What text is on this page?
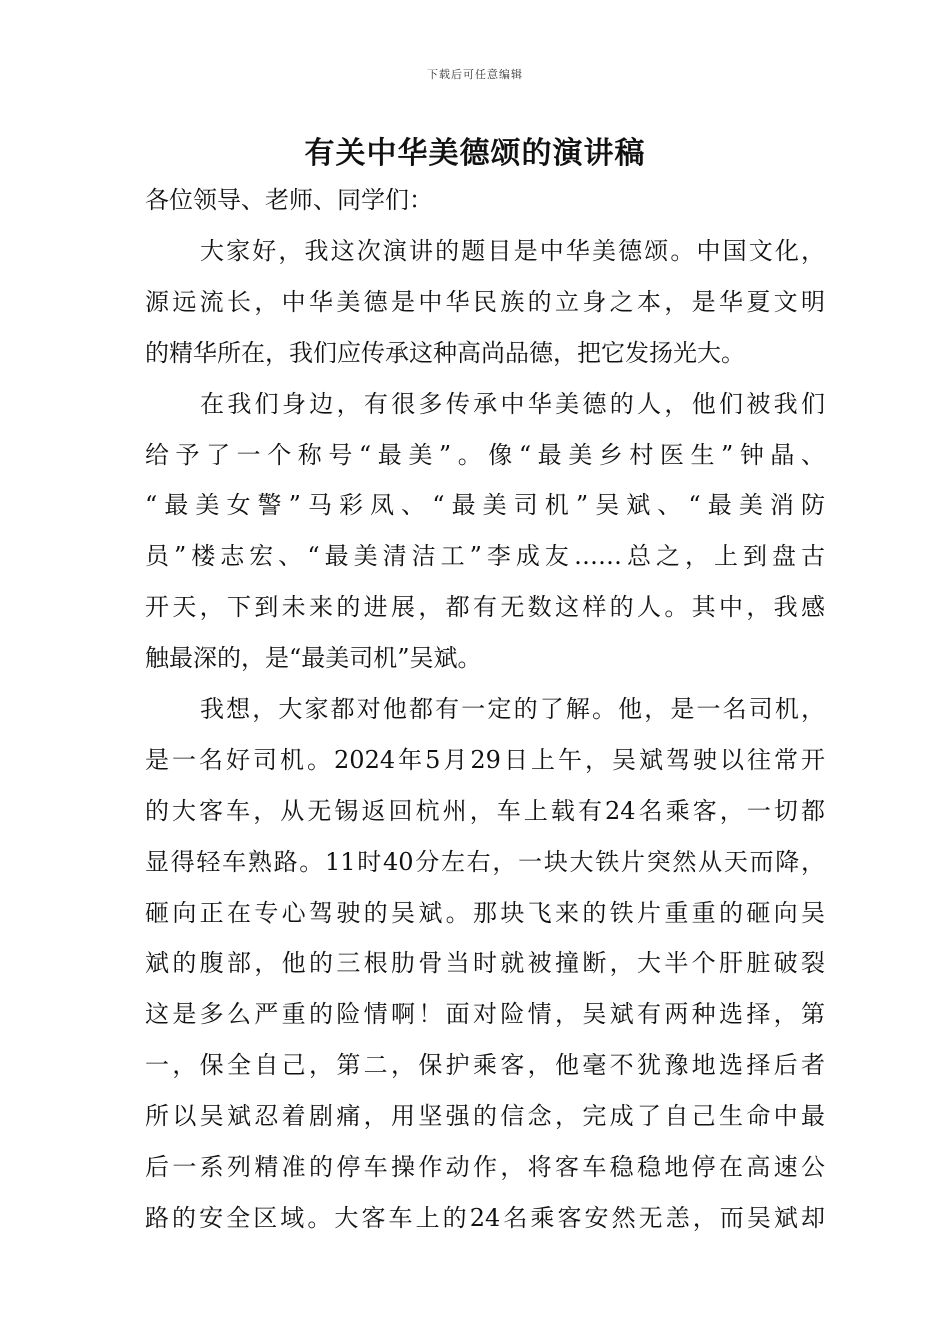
下载后可任意编辑
有关中华美德颂的演讲稿
各位领导、老师、同学们：
大家好，我这次演讲的题目是中华美德颂。中国文化，
源远流长，中华美德是中华民族的立身之本，是华夏文明
的精华所在，我们应传承这种高尚品德，把它发扬光大。
在我们身边，有很多传承中华美德的人，他们被我们
给予了一个称号“最美”。像“最美乡村医生”钟晶、
“最美女警”马彩凤、“最美司机”吴斌、“最美消防
员”楼志宏、“最美清洁工”李成友……总之，上到盘古
开天，下到未来的进展，都有无数这样的人。其中，我感
触最深的，是“最美司机”吴斌。
我想，大家都对他都有一定的了解。他，是一名司机，
是一名好司机。2024年5月29日上午，吴斌驾驶以往常开
的大客车，从无锡返回杭州，车上载有24名乘客，一切都
显得轻车熟路。11时40分左右，一块大铁片突然从天而降，
砸向正在专心驾驶的吴斌。那块飞来的铁片重重的砸向吴
斌的腹部，他的三根肋骨当时就被撞断，大半个肝脏破裂
这是多么严重的险情啊！面对险情，吴斌有两种选择，第
一，保全自己，第二，保护乘客，他毫不犹豫地选择后者
所以吴斌忍着剧痛，用坚强的信念，完成了自己生命中最
后一系列精准的停车操作动作，将客车稳稳地停在高速公
路的安全区域。大客车上的24名乘客安然无恙，而吴斌却
